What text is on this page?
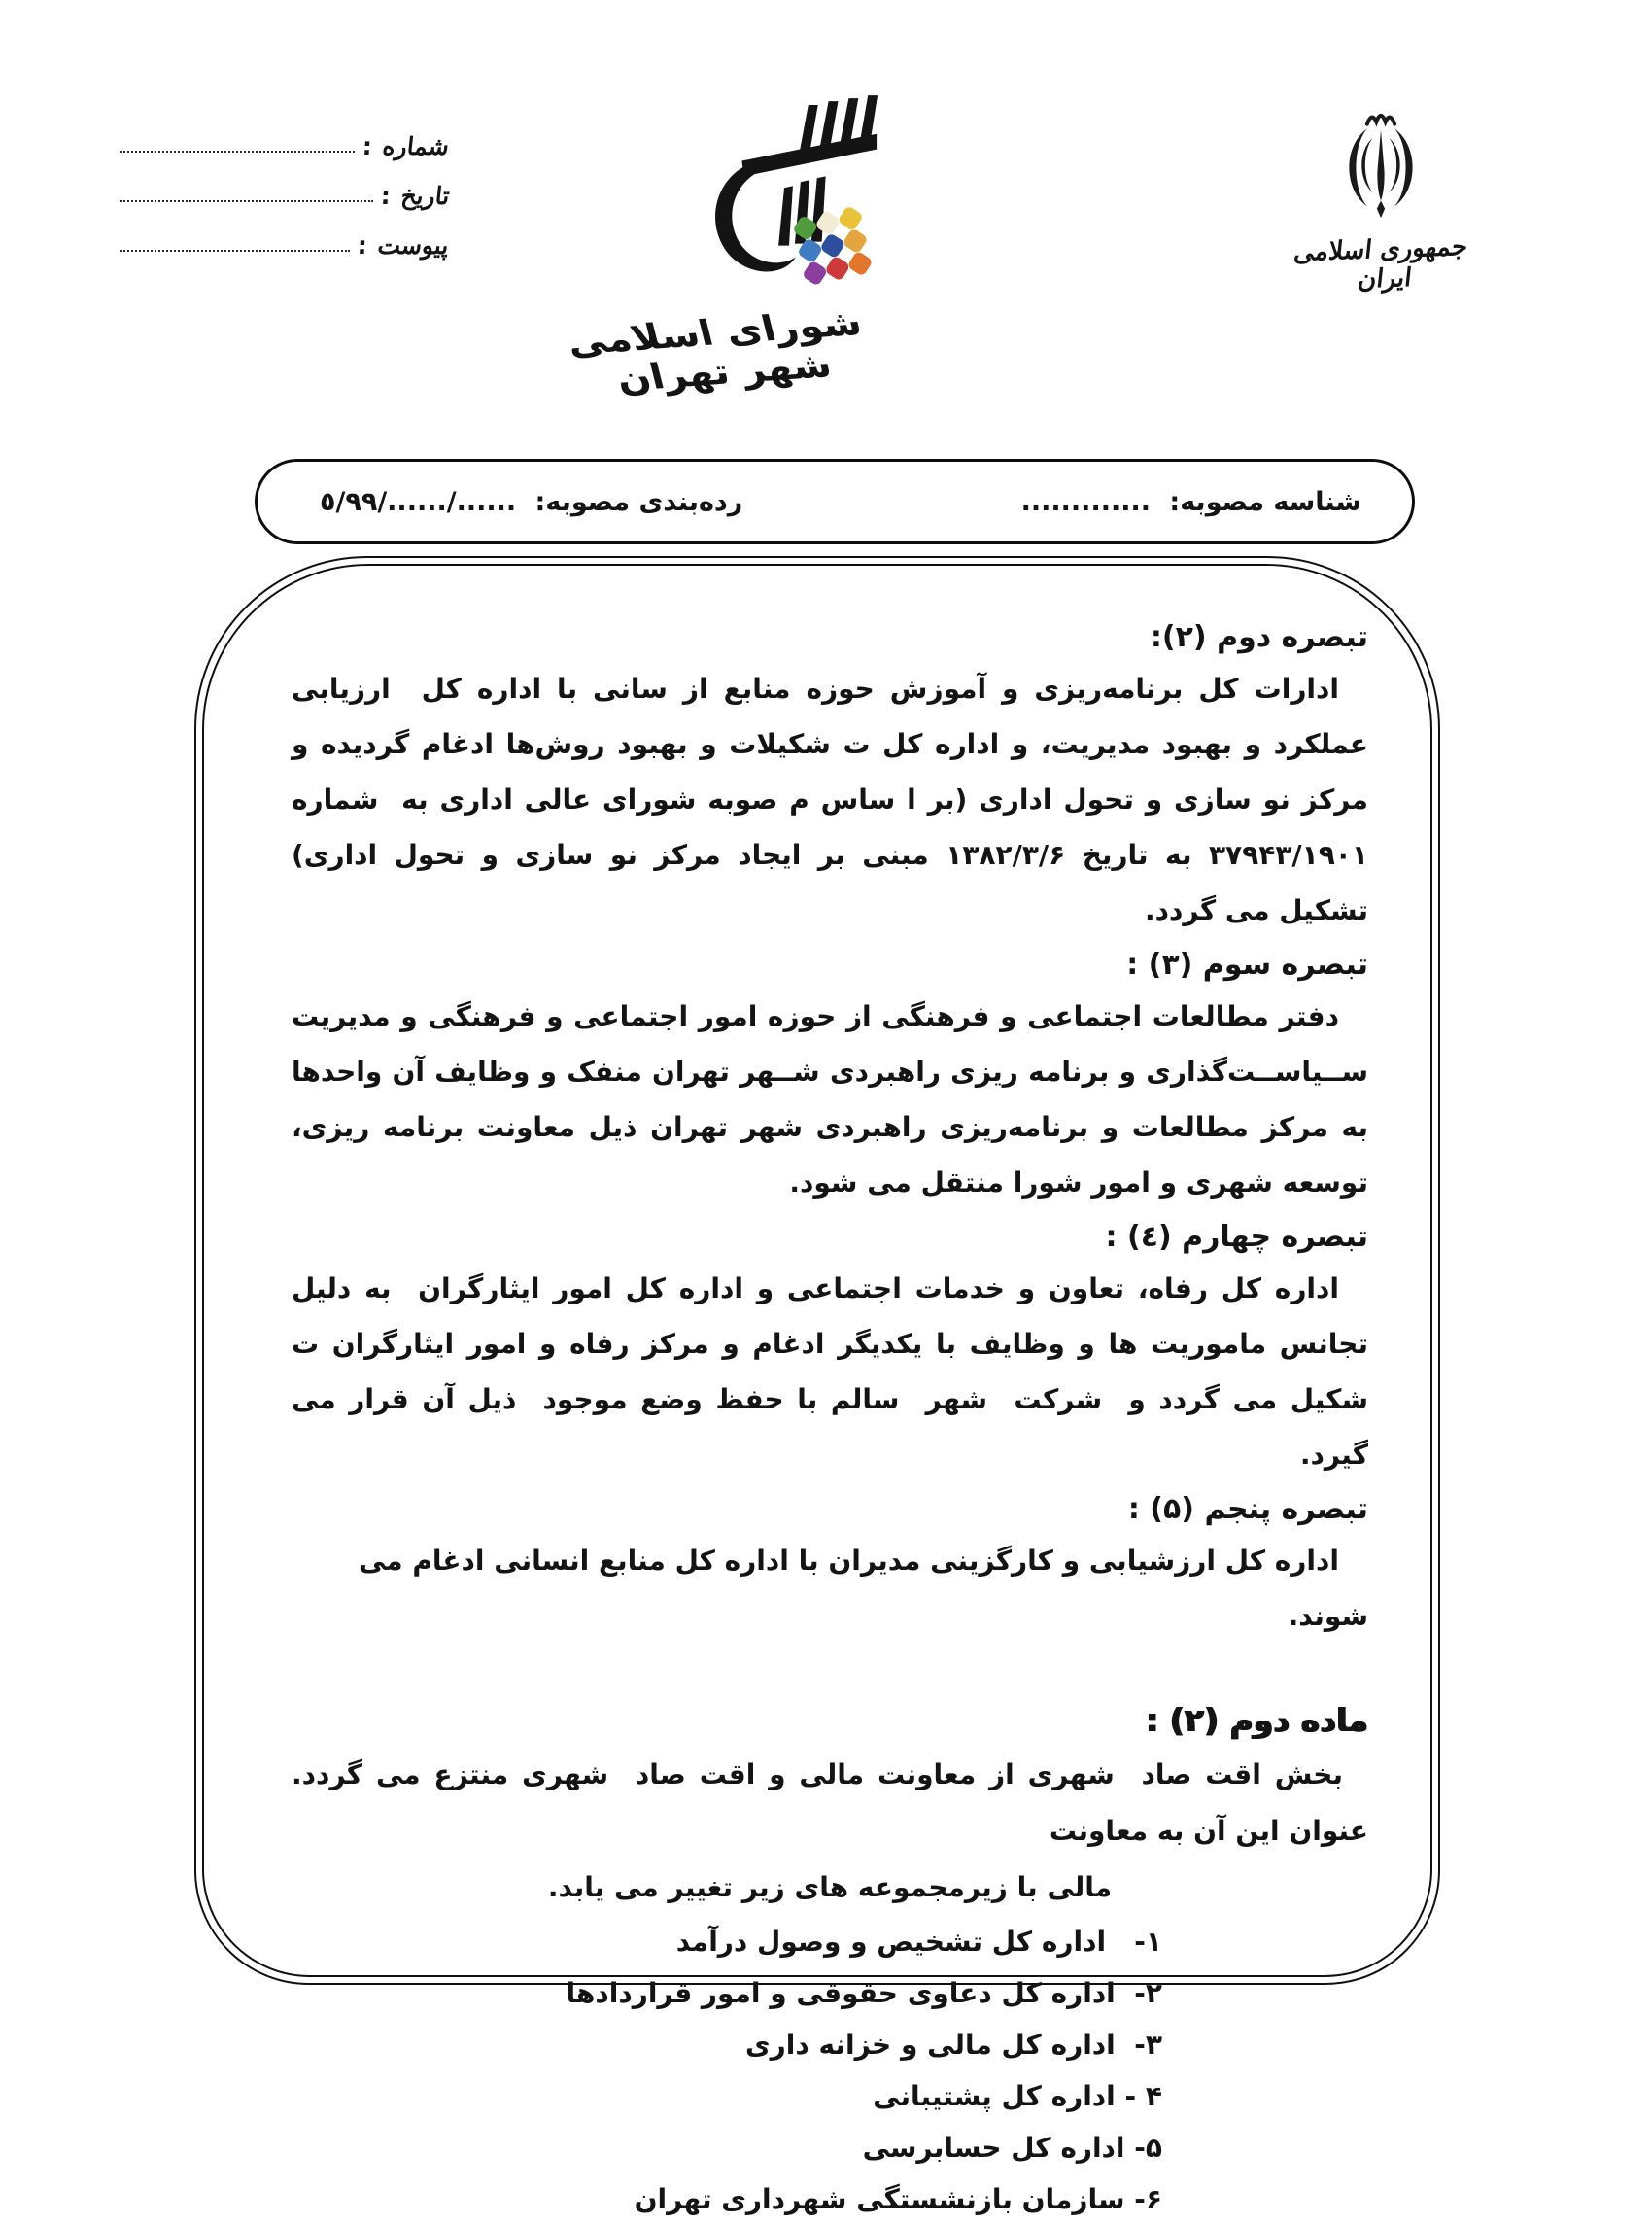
شماره :
تاریخ :
پیوست :
شورای اسلامی شهر تهران
جمهوری اسلامی ایران
شناسه مصوبه: .............
رده‌بندی مصوبه: ....../....../٥/٩٩
تبصره دوم (۲):

ادارات کل برنامه‌ریزی و آموزش حوزه منابع از سانی با اداره کل  ارزیابی عملکرد و بهبود مدیریت، و اداره کل ت شکیلات و بهبود روش‌ها ادغام گردیده و مرکز نو سازی و تحول اداری (بر ا ساس م صوبه شورای عالی اداری به  شماره ۳۷۹۴۳/۱۹۰۱ به تاریخ ۱۳۸۲/۳/۶ مبنی بر ایجاد مرکز نو سازی و تحول اداری) تشکیل می گردد.

تبصره سوم (۳) :

دفتر مطالعات اجتماعی و فرهنگی از حوزه امور اجتماعی و فرهنگی و مدیریت ســیاســت‌گذاری و برنامه ریزی راهبردی شــهر تهران منفک و وظایف آن واحدها به مرکز مطالعات و برنامه‌ریزی راهبردی شهر تهران ذیل معاونت برنامه ریزی، توسعه شهری و امور شورا منتقل می شود.

تبصره چهارم (٤) :

اداره کل رفاه، تعاون و خدمات اجتماعی و اداره کل امور ایثارگران  به دلیل تجانس ماموریت ها و وظایف با یکدیگر ادغام و مرکز رفاه و امور ایثارگران ت شکیل می گردد و  شرکت  شهر  سالم با حفظ وضع موجود  ذیل آن قرار می گیرد.

تبصره پنجم (۵) :

اداره کل ارزشیابی و کارگزینی مدیران با اداره کل منابع انسانی ادغام می شوند.

ماده دوم (۲) :

بخش اقت صاد  شهری از معاونت مالی و اقت صاد  شهری منتزع می گردد. عنوان این آن به معاونت

مالی با زیرمجموعه های زیر تغییر می یابد.

۱-   اداره کل تشخیص و وصول درآمد
۲-  اداره کل دعاوی حقوقی و امور قراردادها
۳-  اداره کل مالی و خزانه داری
۴ - اداره کل پشتیبانی
۵- اداره کل حسابرسی
۶- سازمان بازنشستگی شهرداری تهران
